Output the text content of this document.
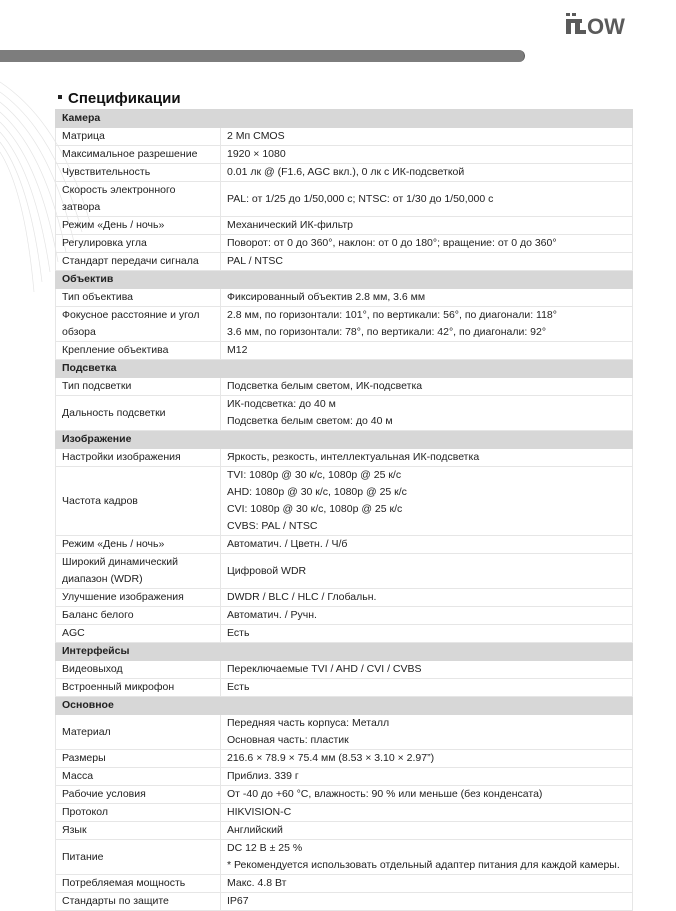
OW
Спецификации
Камера	
Матрица	2 Мп CMOS

Максимальное разрешение	1920 × 1080

Чувствительность	0.01 лк @ (F1.6, AGC вкл.), 0 лк с ИК-подсветкой

Скорость электронного затвора	PAL: от 1/25 до 1/50,000 с; NTSC: от 1/30 до 1/50,000 с

Режим «День / ночь»	Механический ИК-фильтр

Регулировка угла	Поворот: от 0 до 360°, наклон: от 0 до 180°; вращение: от 0 до 360°

Стандарт передачи сигнала	PAL / NTSC

Объектив	
Тип объектива	Фиксированный объектив 2.8 мм, 3.6 мм

Фокусное расстояние и угол обзора	2.8 мм, по горизонтали: 101°, по вертикали: 56°, по диагонали: 118°
3.6 мм, по горизонтали: 78°, по вертикали: 42°, по диагонали: 92°

Крепление объектива	M12

Подсветка	
Тип подсветки	Подсветка белым светом, ИК-подсветка

Дальность подсветки	ИК-подсветка: до 40 м
Подсветка белым светом: до 40 м

Изображение	
Настройки изображения	Яркость, резкость, интеллектуальная ИК-подсветка

Частота кадров	TVI: 1080p @ 30 к/с, 1080p @ 25 к/с
AHD: 1080p @ 30 к/с, 1080p @ 25 к/с
CVI: 1080p @ 30 к/с, 1080p @ 25 к/с
CVBS: PAL / NTSC

Режим «День / ночь»	Автоматич. / Цветн. / Ч/б

Широкий динамический диапазон (WDR)	Цифровой WDR

Улучшение изображения	DWDR / BLC / HLC / Глобальн.

Баланс белого	Автоматич. / Ручн.

AGC	Есть

Интерфейсы	
Видеовыход	Переключаемые TVI / AHD / CVI / CVBS

Встроенный микрофон	Есть

Основное	
Материал	Передняя часть корпуса: Металл
Основная часть: пластик

Размеры	216.6 × 78.9 × 75.4 мм (8.53 × 3.10 × 2.97”)

Масса	Приблиз. 339 г

Рабочие условия	От -40 до +60 °C, влажность: 90 % или меньше (без конденсата)

Протокол	HIKVISION-C

Язык	Английский

Питание	DC 12 В ± 25 %
* Рекомендуется использовать отдельный адаптер питания для каждой камеры.

Потребляемая мощность	Макс. 4.8 Вт

Стандарты по защите	IP67
